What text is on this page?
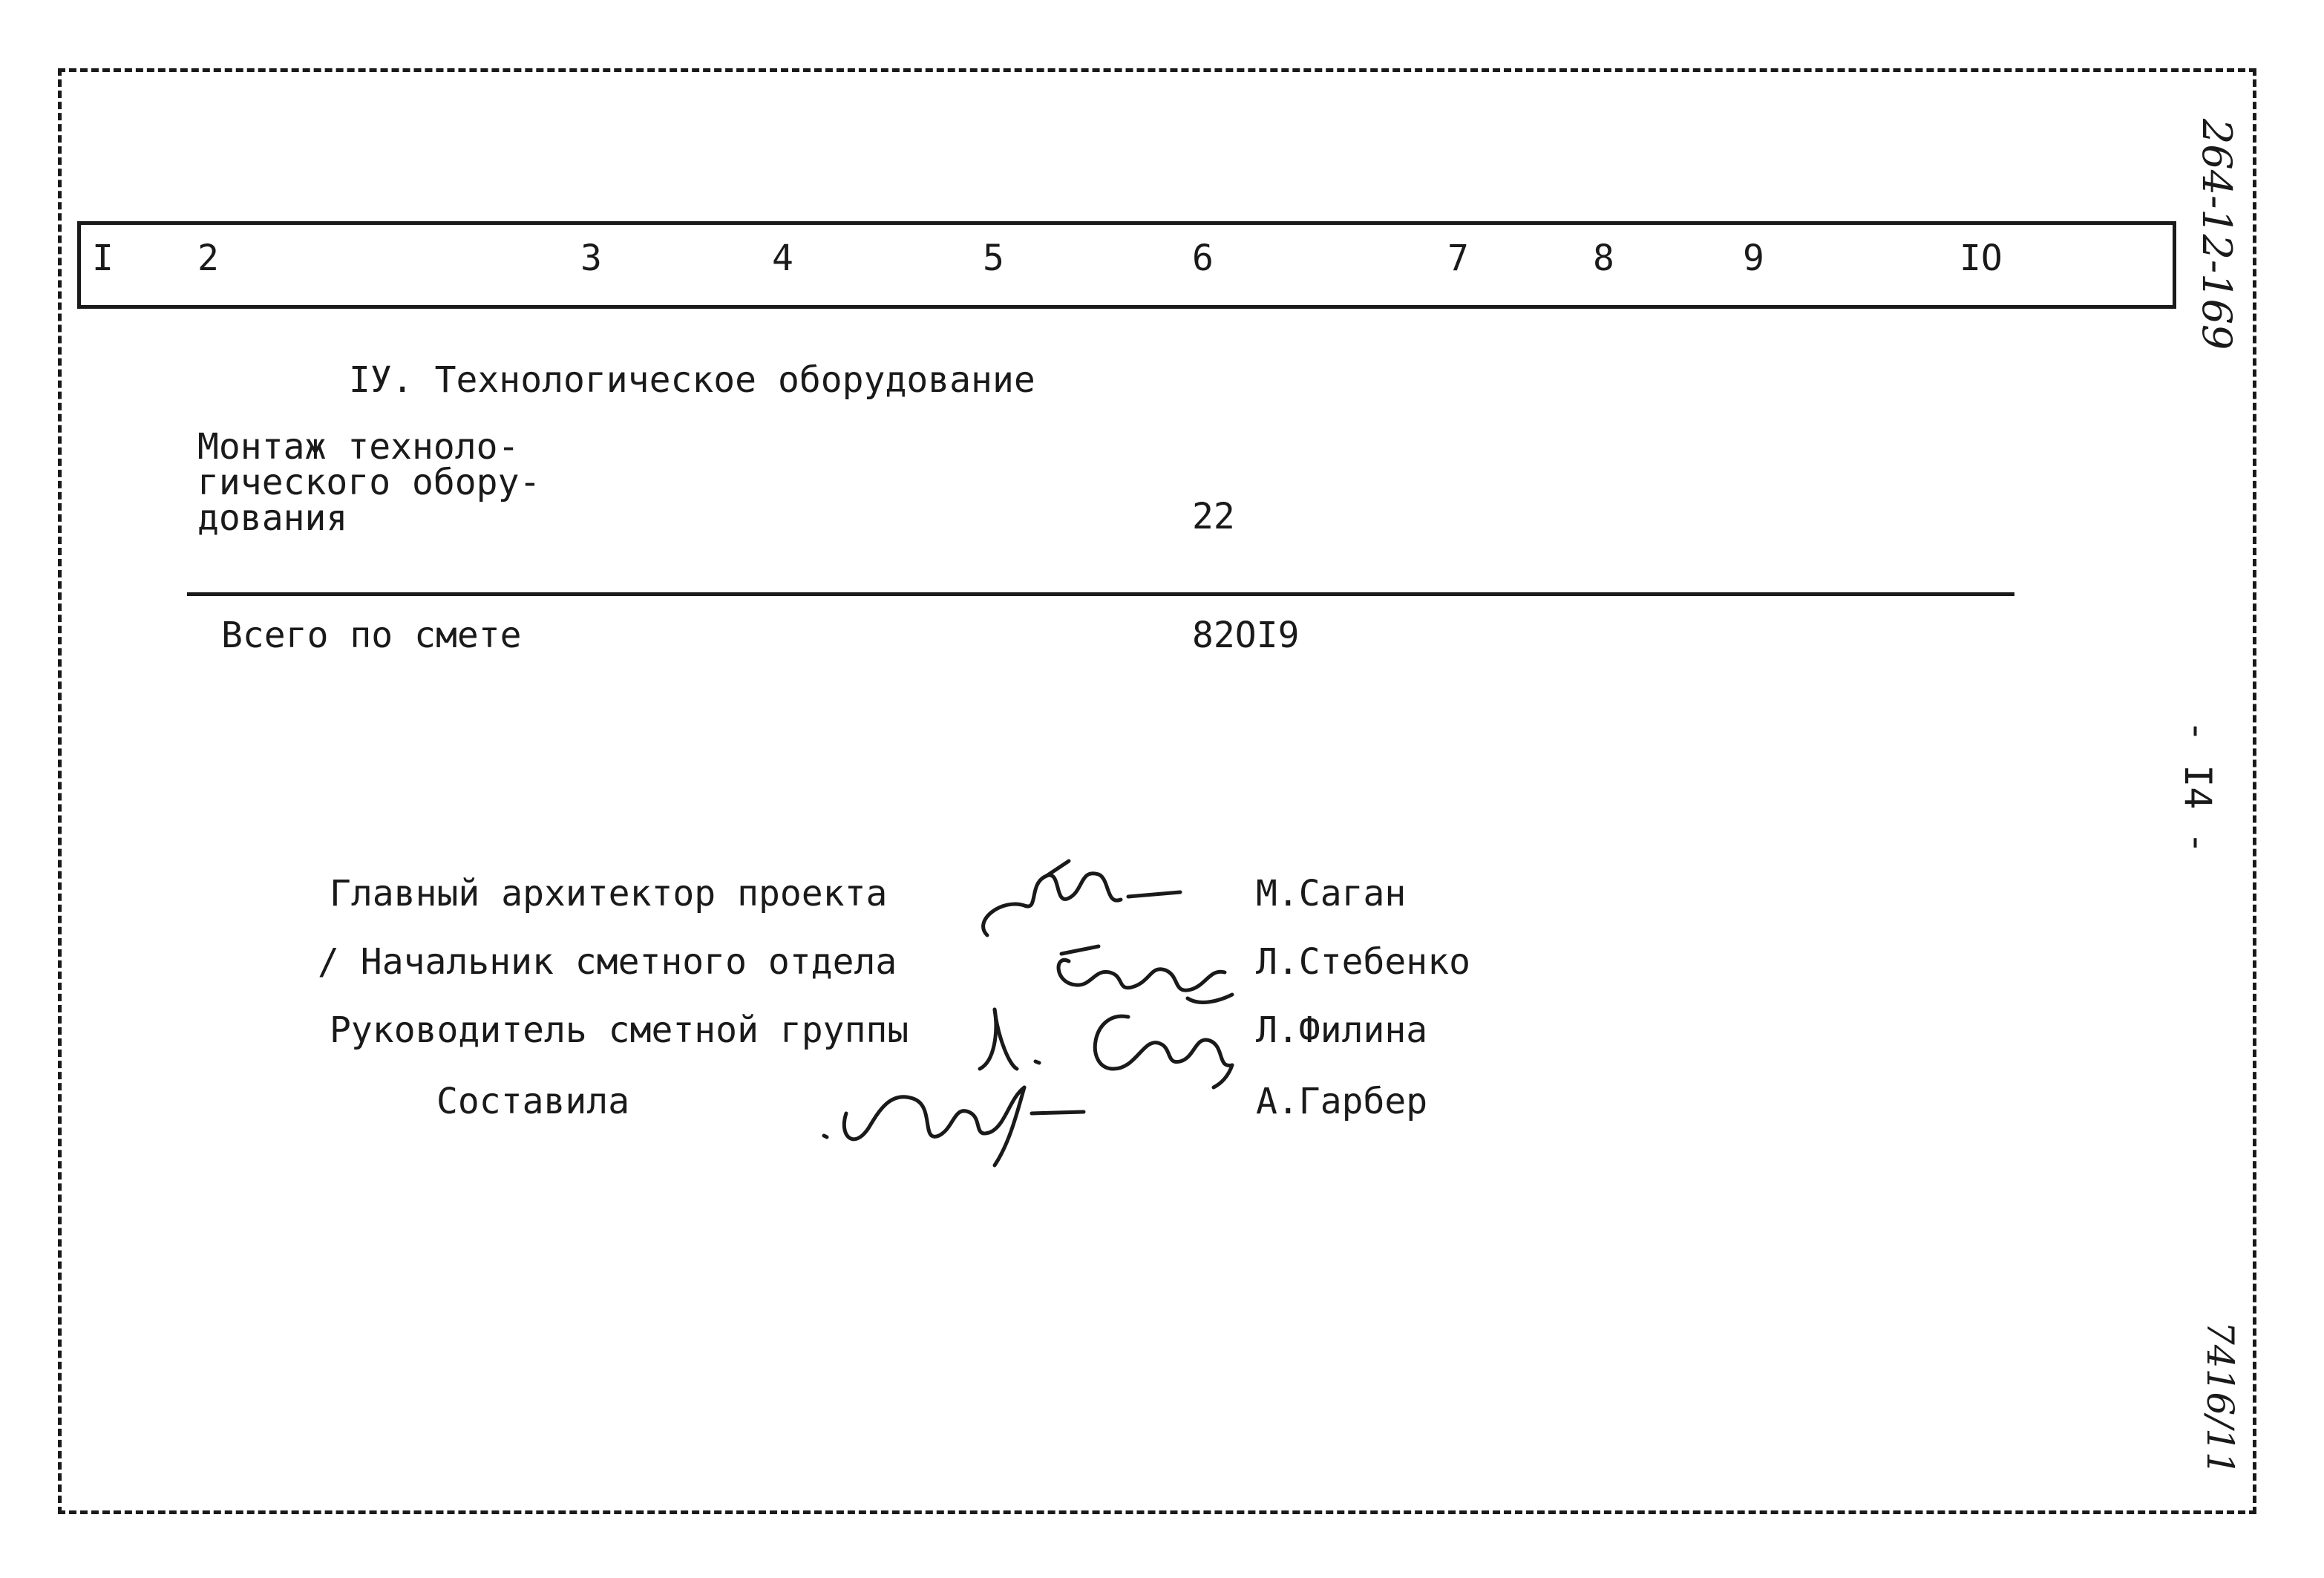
I 2	3	4	5	6	7	8	9	IO
IУ. Технологическое оборудование
Монтаж техноло-
гического обору-
дования	22
Всего по смете	82OI9
Главный архитектор проекта	М.Саган
/ Начальник сметного отдела	Л.Стебенко
Руководитель сметной группы	Л.Филина
Составила	А.Гарбер
264-12-169
- I4 -
7416/11
